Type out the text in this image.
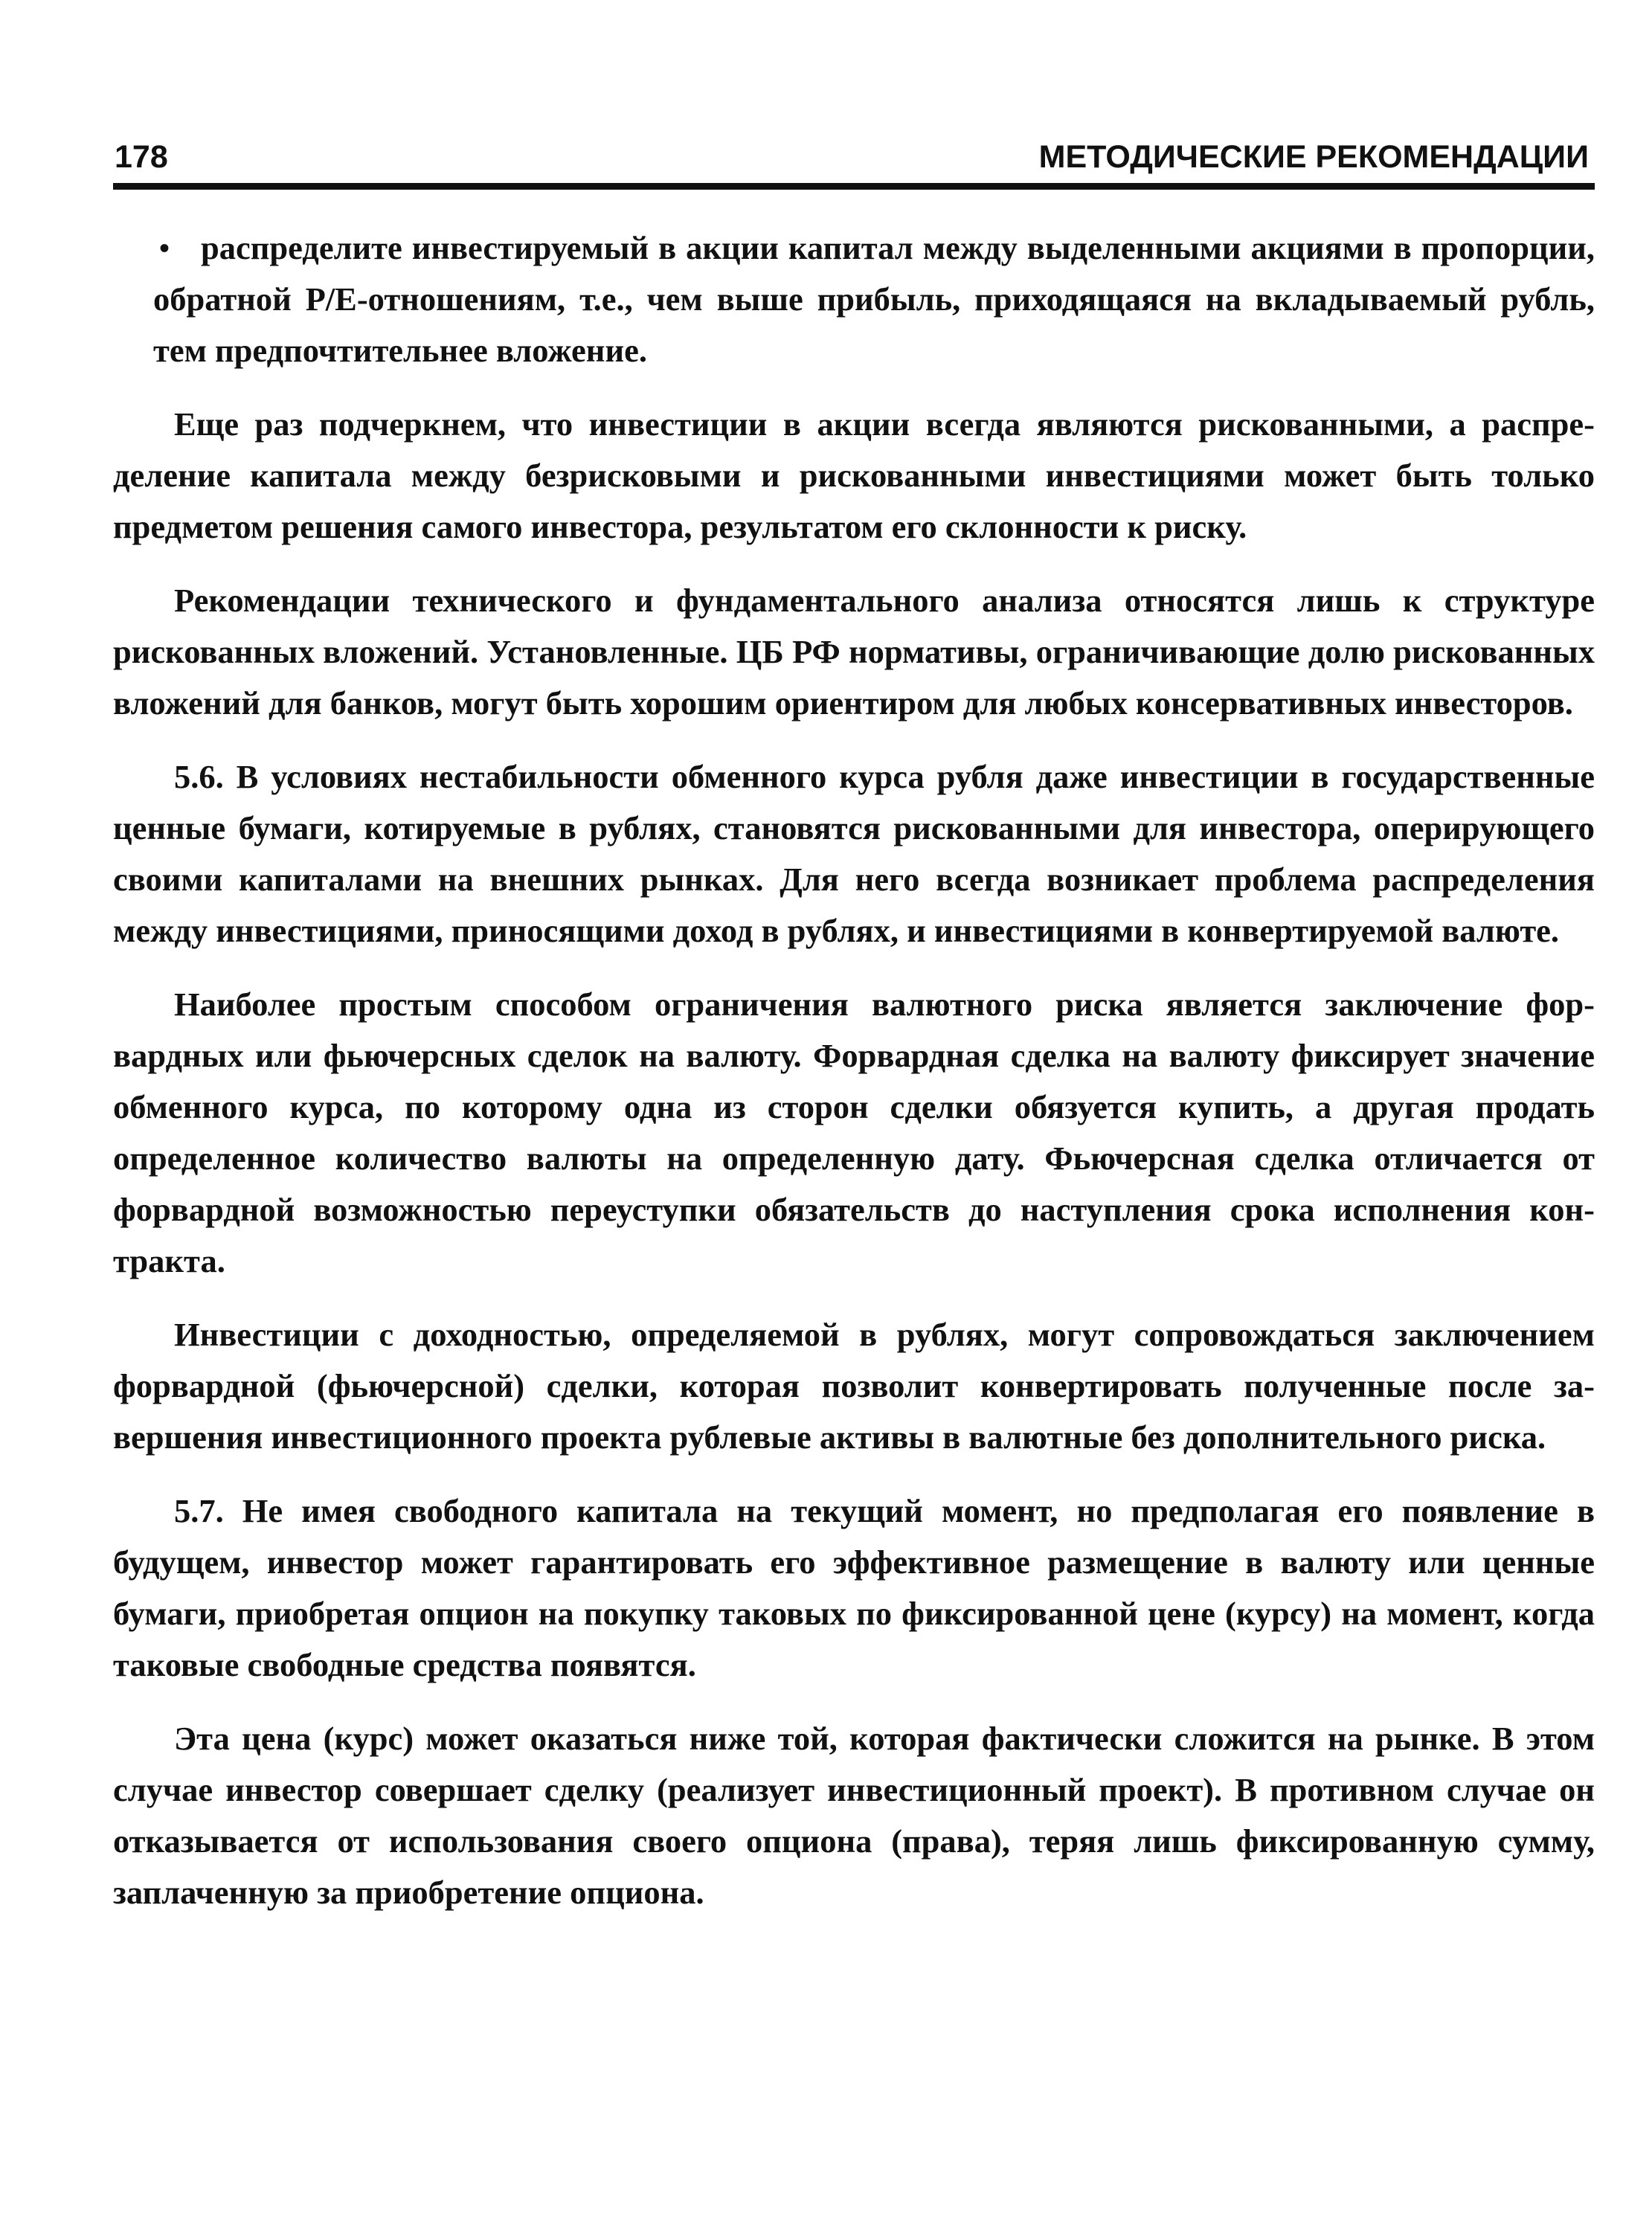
178	МЕТОДИЧЕСКИЕ РЕКОМЕНДАЦИИ
• распределите инвестируемый в акции капитал между выделенными акциями в пропорции, обратной Р/Е-отношениям, т.е., чем выше прибыль, приходящаяся на вкладываемый рубль, тем предпочтительнее вложение.

Еще раз подчеркнем, что инвестиции в акции всегда являются рискованными, а распределение капитала между безрисковыми и рискованными инвестициями может быть только предметом решения самого инвестора, результатом его склонности к риску.

Рекомендации технического и фундаментального анализа относятся лишь к структуре рискованных вложений. Установленные. ЦБ РФ нормативы, ограничивающие долю рискованных вложений для банков, могут быть хорошим ориентиром для любых консервативных инвесторов.

5.6. В условиях нестабильности обменного курса рубля даже инвестиции в государственные ценные бумаги, котируемые в рублях, становятся рискованными для инвестора, оперирующего своими капиталами на внешних рынках. Для него всегда возникает проблема распределения между инвестициями, приносящими доход в рублях, и инвестициями в конвертируемой валюте.

Наиболее простым способом ограничения валютного риска является заключение форвардных или фьючерсных сделок на валюту. Форвардная сделка на валюту фиксирует значение обменного курса, по которому одна из сторон сделки обязуется купить, а другая продать определенное количество валюты на определенную дату. Фьючерсная сделка отличается от форвардной возможностью переуступки обязательств до наступления срока исполнения контракта.

Инвестиции с доходностью, определяемой в рублях, могут сопровождаться заключением форвардной (фьючерсной) сделки, которая позволит конвертировать полученные после завершения инвестиционного проекта рублевые активы в валютные без дополнительного риска.

5.7. Не имея свободного капитала на текущий момент, но предполагая его появление в будущем, инвестор может гарантировать его эффективное размещение в валюту или ценные бумаги, приобретая опцион на покупку таковых по фиксированной цене (курсу) на момент, когда таковые свободные средства появятся.

Эта цена (курс) может оказаться ниже той, которая фактически сложится на рынке. В этом случае инвестор совершает сделку (реализует инвестиционный проект). В противном случае он отказывается от использования своего опциона (права), теряя лишь фиксированную сумму, заплаченную за приобретение опциона.
